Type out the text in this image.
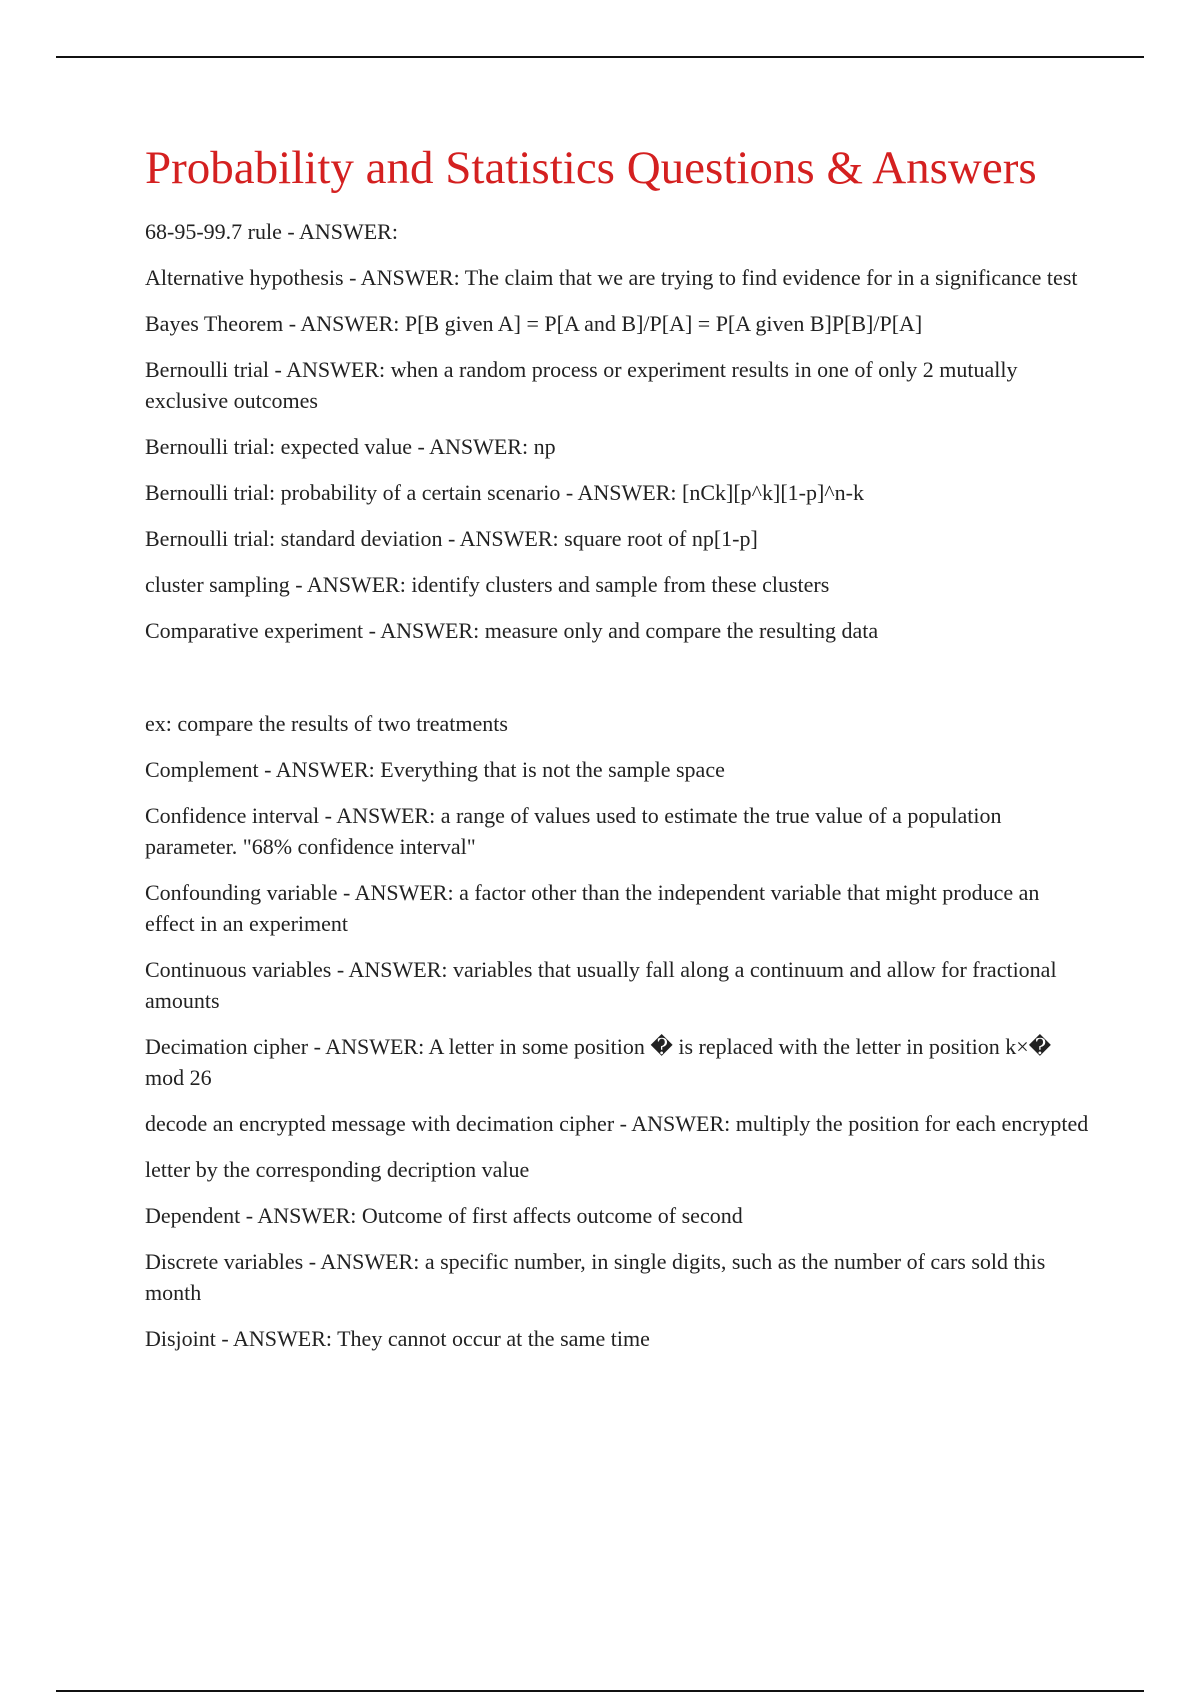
Probability and Statistics Questions & Answers

68-95-99.7 rule - ANSWER:

Alternative hypothesis - ANSWER: The claim that we are trying to find evidence for in a significance test

Bayes Theorem - ANSWER: P[B given A] = P[A and B]/P[A] = P[A given B]P[B]/P[A]

Bernoulli trial - ANSWER: when a random process or experiment results in one of only 2 mutually exclusive outcomes

Bernoulli trial: expected value - ANSWER: np

Bernoulli trial: probability of a certain scenario - ANSWER: [nCk][p^k][1-p]^n-k

Bernoulli trial: standard deviation - ANSWER: square root of np[1-p]

cluster sampling - ANSWER: identify clusters and sample from these clusters

Comparative experiment - ANSWER: measure only and compare the resulting data

ex: compare the results of two treatments

Complement - ANSWER: Everything that is not the sample space

Confidence interval - ANSWER: a range of values used to estimate the true value of a population parameter. "68% confidence interval"

Confounding variable - ANSWER: a factor other than the independent variable that might produce an effect in an experiment

Continuous variables - ANSWER: variables that usually fall along a continuum and allow for fractional amounts

Decimation cipher - ANSWER: A letter in some position � is replaced with the letter in position k×� mod 26

decode an encrypted message with decimation cipher - ANSWER: multiply the position for each encrypted

letter by the corresponding decription value

Dependent - ANSWER: Outcome of first affects outcome of second

Discrete variables - ANSWER: a specific number, in single digits, such as the number of cars sold this month

Disjoint - ANSWER: They cannot occur at the same time
